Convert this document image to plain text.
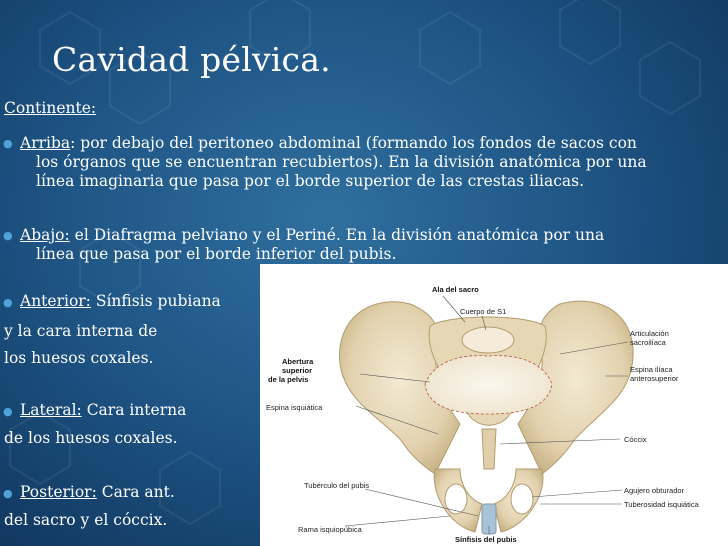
Cavidad pélvica.
Continente:
● Arriba: por debajo del peritoneo abdominal (formando los fondos de sacos con
los órganos que se encuentran recubiertos). En la división anatómica por una
línea imaginaria que pasa por el borde superior de las crestas iliacas.
● Abajo: el Diafragma pelviano y el Periné. En la división anatómica por una
línea que pasa por el borde inferior del pubis.
● Anterior: Sínfisis pubiana
y la cara interna de
los huesos coxales.
● Lateral: Cara interna
de los huesos coxales.
● Posterior: Cara ant.
del sacro y el cóccix.
Ala del sacro
Cuerpo de S1
Articulación
sacroilíaca
Abertura
superior
de la pelvis
Espina ilíaca
anterosuperior
Espina isquiática
Cóccix
Agujero obturador
Tubérculo del pubis
Tuberosidad isquiática
Rama isquiopúbica
Sínfisis del pubis
